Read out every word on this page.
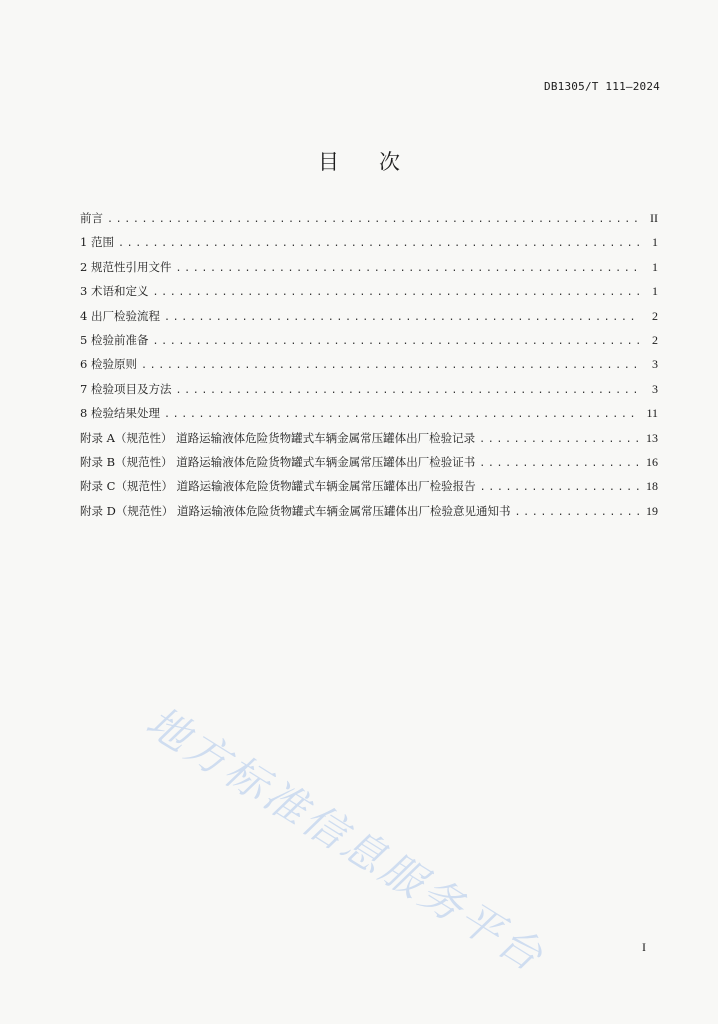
DB1305/T 111—2024
目次
前言 .....	II
1 范围 .....	1
2 规范性引用文件 .....	1
3 术语和定义 .....	1
4 出厂检验流程 .....	2
5 检验前准备 .....	2
6 检验原则 .....	3
7 检验项目及方法 .....	3
8 检验结果处理 .....	11
附录 A（规范性） 道路运输液体危险货物罐式车辆金属常压罐体出厂检验记录 .....	13
附录 B（规范性） 道路运输液体危险货物罐式车辆金属常压罐体出厂检验证书 .....	16
附录 C（规范性） 道路运输液体危险货物罐式车辆金属常压罐体出厂检验报告 .....	18
附录 D（规范性） 道路运输液体危险货物罐式车辆金属常压罐体出厂检验意见通知书 .....	19
地方标准信息服务平台	I
